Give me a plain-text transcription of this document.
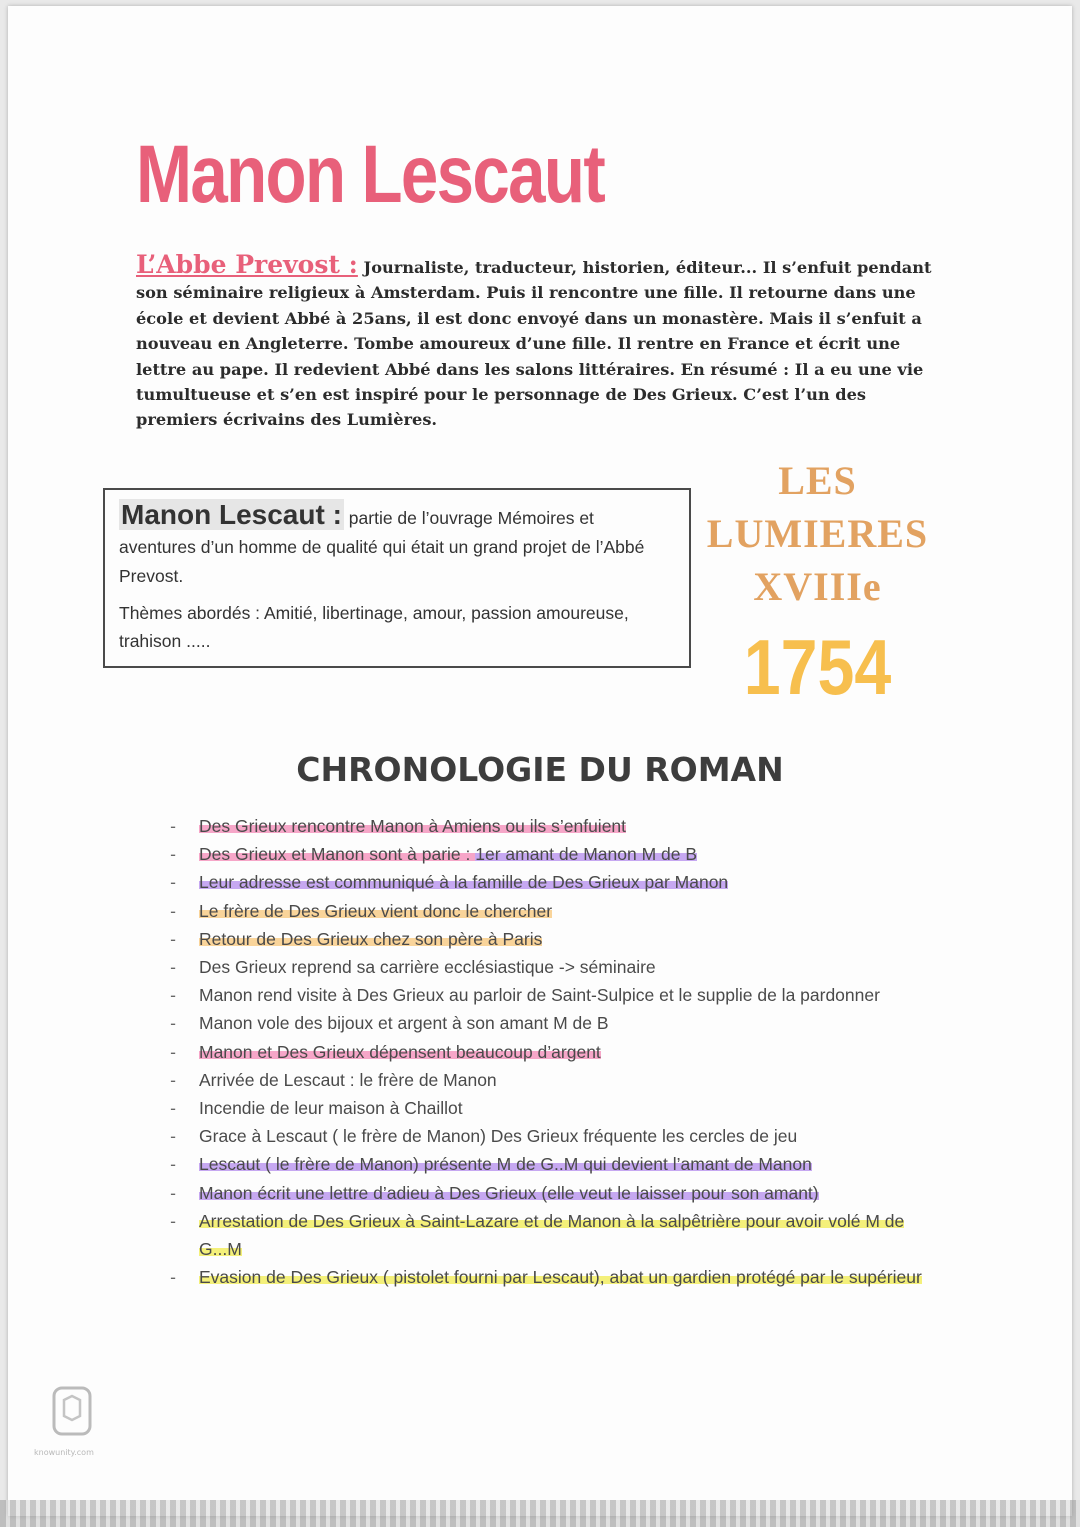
Manon Lescaut

L’Abbe Prevost : Journaliste, traducteur, historien, éditeur... Il s’enfuit pendant son séminaire religieux à Amsterdam. Puis il rencontre une fille. Il retourne dans une école et devient Abbé à 25ans, il est donc envoyé dans un monastère. Mais il s’enfuit a nouveau en Angleterre. Tombe amoureux d’une fille. Il rentre en France et écrit une lettre au pape. Il redevient Abbé dans les salons littéraires. En résumé : Il a eu une vie tumultueuse et s’en est inspiré pour le personnage de Des Grieux. C’est l’un des premiers écrivains des Lumières.

Manon Lescaut : partie de l’ouvrage Mémoires et aventures d’un homme de qualité qui était un grand projet de l’Abbé Prevost.

Thèmes abordés : Amitié, libertinage, amour, passion amoureuse, trahison .....

LES
LUMIERES
XVIIIe

1754

CHRONOLOGIE DU ROMAN
- Des Grieux rencontre Manon à Amiens ou ils s’enfuient
- Des Grieux et Manon sont à parie : 1er amant de Manon M de B
- Leur adresse est communiqué à la famille de Des Grieux par Manon
- Le frère de Des Grieux vient donc le chercher
- Retour de Des Grieux chez son père à Paris
- Des Grieux reprend sa carrière ecclésiastique -> séminaire
- Manon rend visite à Des Grieux au parloir de Saint-Sulpice et le supplie de la pardonner
- Manon vole des bijoux et argent à son amant M de B
- Manon et Des Grieux dépensent beaucoup d’argent
- Arrivée de Lescaut : le frère de Manon
- Incendie de leur maison à Chaillot
- Grace à Lescaut ( le frère de Manon) Des Grieux fréquente les cercles de jeu
- Lescaut ( le frère de Manon) présente M de G..M qui devient l’amant de Manon
- Manon écrit une lettre d’adieu à Des Grieux (elle veut le laisser pour son amant)
- Arrestation de Des Grieux à Saint-Lazare et de Manon à la salpêtrière pour avoir volé M de G...M
- Evasion de Des Grieux ( pistolet fourni par Lescaut), abat un gardien protégé par le supérieur

knowunity.com
